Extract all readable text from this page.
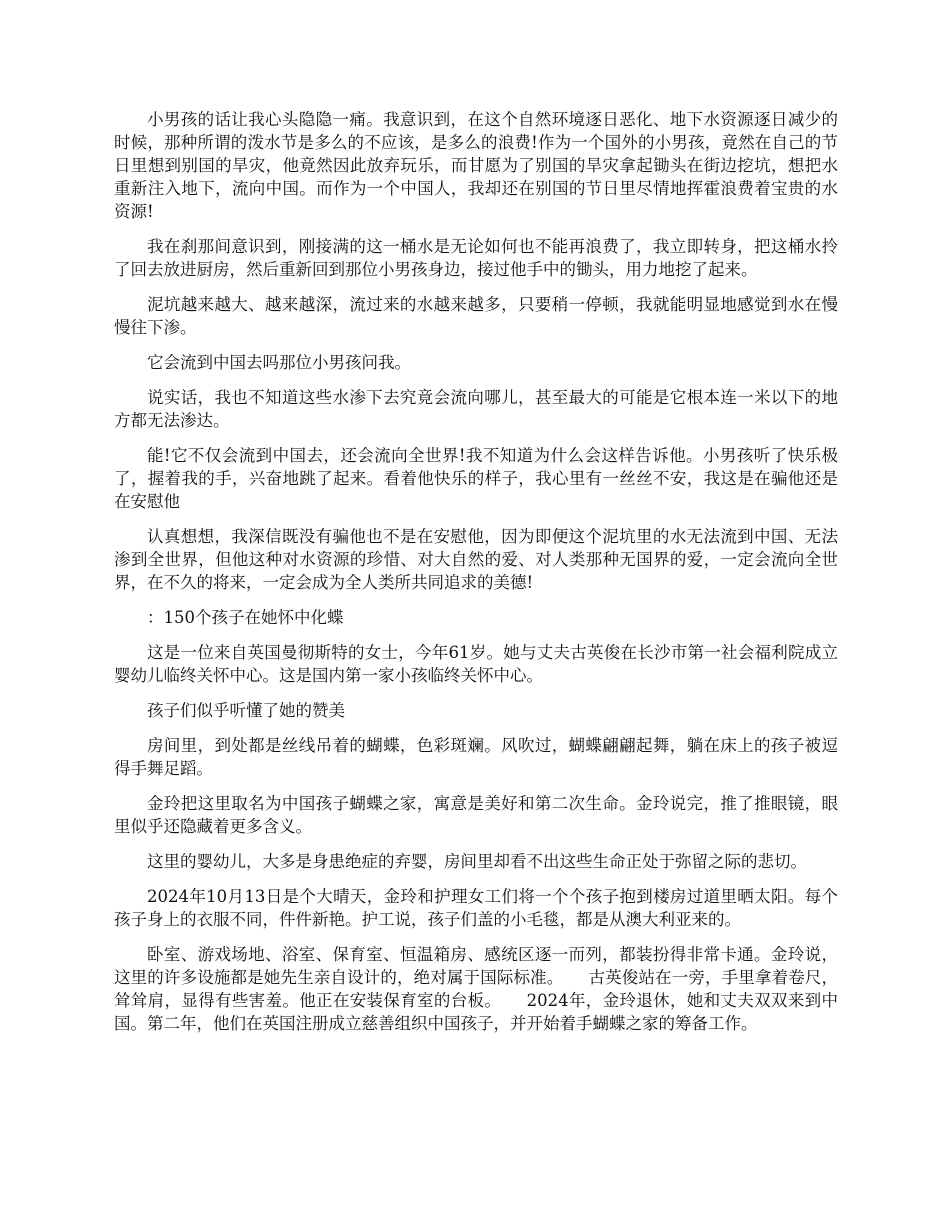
小男孩的话让我心头隐隐一痛。我意识到，在这个自然环境逐日恶化、地下水资源逐日减少的时候，那种所谓的泼水节是多么的不应该，是多么的浪费!作为一个国外的小男孩，竟然在自己的节日里想到别国的旱灾，他竟然因此放弃玩乐，而甘愿为了别国的旱灾拿起锄头在街边挖坑，想把水重新注入地下，流向中国。而作为一个中国人，我却还在别国的节日里尽情地挥霍浪费着宝贵的水资源!

我在刹那间意识到，刚接满的这一桶水是无论如何也不能再浪费了，我立即转身，把这桶水拎了回去放进厨房，然后重新回到那位小男孩身边，接过他手中的锄头，用力地挖了起来。

泥坑越来越大、越来越深，流过来的水越来越多，只要稍一停顿，我就能明显地感觉到水在慢慢往下渗。

它会流到中国去吗那位小男孩问我。

说实话，我也不知道这些水渗下去究竟会流向哪儿，甚至最大的可能是它根本连一米以下的地方都无法渗达。

能!它不仅会流到中国去，还会流向全世界!我不知道为什么会这样告诉他。小男孩听了快乐极了，握着我的手，兴奋地跳了起来。看着他快乐的样子，我心里有一丝丝不安，我这是在骗他还是在安慰他

认真想想，我深信既没有骗他也不是在安慰他，因为即便这个泥坑里的水无法流到中国、无法渗到全世界，但他这种对水资源的珍惜、对大自然的爱、对人类那种无国界的爱，一定会流向全世界，在不久的将来，一定会成为全人类所共同追求的美德!

：150个孩子在她怀中化蝶

这是一位来自英国曼彻斯特的女士，今年61岁。她与丈夫古英俊在长沙市第一社会福利院成立婴幼儿临终关怀中心。这是国内第一家小孩临终关怀中心。

孩子们似乎听懂了她的赞美

房间里，到处都是丝线吊着的蝴蝶，色彩斑斓。风吹过，蝴蝶翩翩起舞，躺在床上的孩子被逗得手舞足蹈。

金玲把这里取名为中国孩子蝴蝶之家，寓意是美好和第二次生命。金玲说完，推了推眼镜，眼里似乎还隐藏着更多含义。

这里的婴幼儿，大多是身患绝症的弃婴，房间里却看不出这些生命正处于弥留之际的悲切。

2024年10月13日是个大晴天，金玲和护理女工们将一个个孩子抱到楼房过道里晒太阳。每个孩子身上的衣服不同，件件新艳。护工说，孩子们盖的小毛毯，都是从澳大利亚来的。

卧室、游戏场地、浴室、保育室、恒温箱房、感统区逐一而列，都装扮得非常卡通。金玲说，这里的许多设施都是她先生亲自设计的，绝对属于国际标准。　　古英俊站在一旁，手里拿着卷尺，耸耸肩，显得有些害羞。他正在安装保育室的台板。　　2024年，金玲退休，她和丈夫双双来到中国。第二年，他们在英国注册成立慈善组织中国孩子，并开始着手蝴蝶之家的筹备工作。
